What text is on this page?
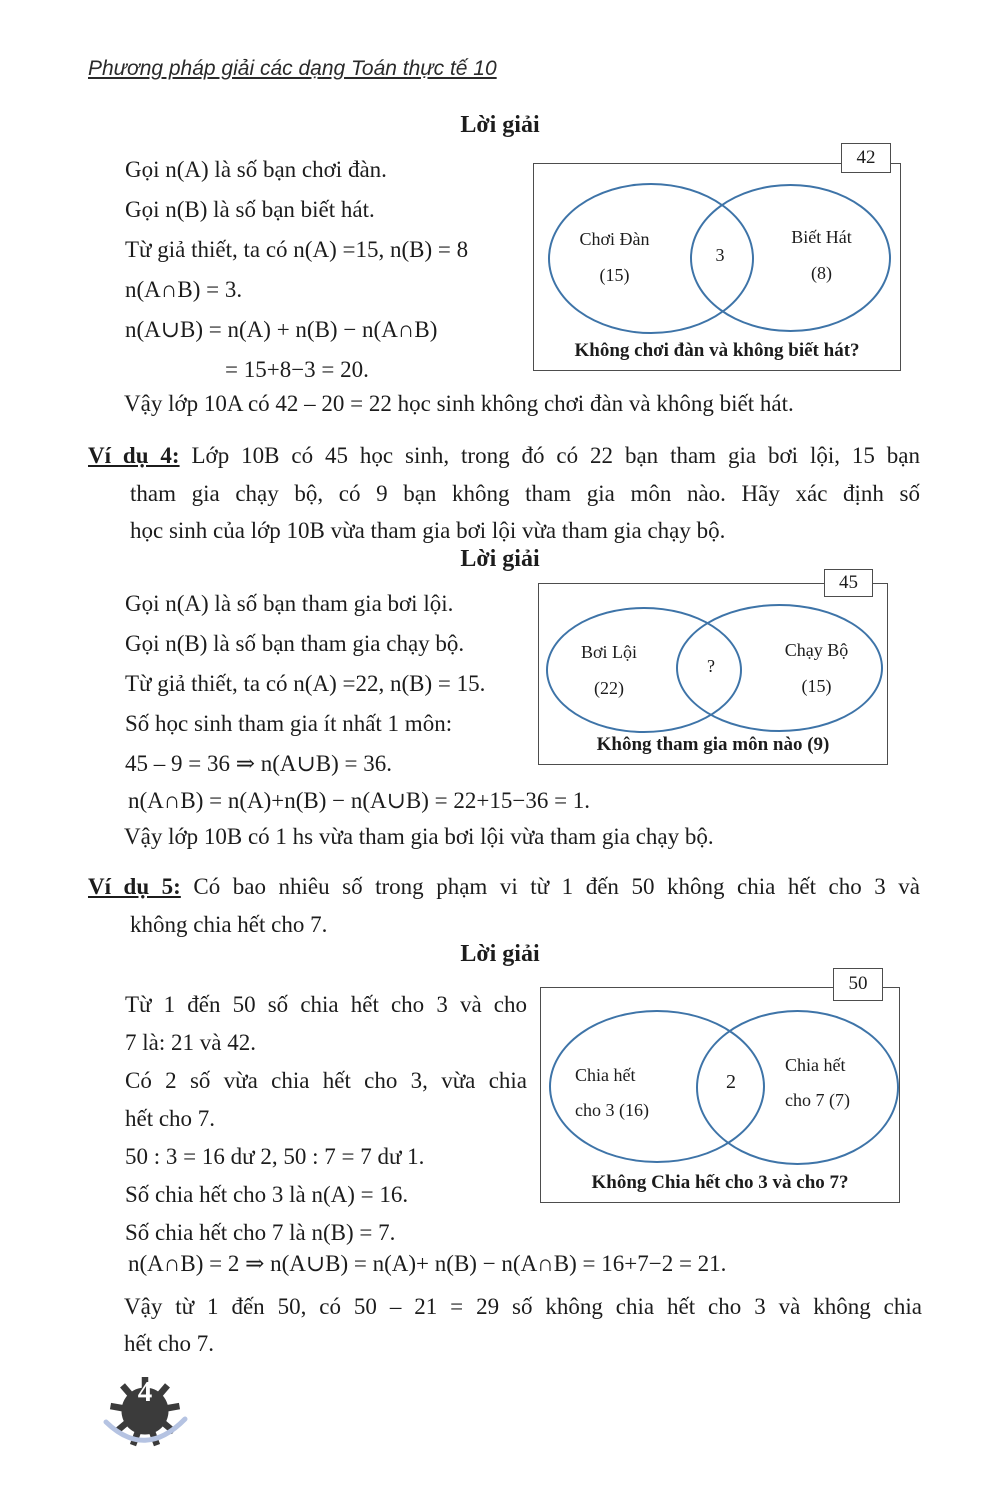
Phương pháp giải các dạng Toán thực tế 10
Lời giải
Gọi n(A) là số bạn chơi đàn.
Gọi n(B) là số bạn biết hát.
Từ giả thiết, ta có n(A) =15, n(B) = 8
n(A∩B) = 3.
n(A∪B) = n(A) + n(B) − n(A∩B)
= 15+8−3 = 20.
42
Chơi Đàn
(15)
3
Biết Hát
(8)
Không chơi đàn và không biết hát?
Vậy lớp 10A có 42 – 20 = 22 học sinh không chơi đàn và không biết hát.
Ví dụ 4: Lớp 10B có 45 học sinh, trong đó có 22 bạn tham gia bơi lội, 15 bạn
tham gia chạy bộ, có 9 bạn không tham gia môn nào. Hãy xác định số
học sinh của lớp 10B vừa tham gia bơi lội vừa tham gia chạy bộ.
Lời giải
Gọi n(A) là số bạn tham gia bơi lội.
Gọi n(B) là số bạn tham gia chạy bộ.
Từ giả thiết, ta có n(A) =22, n(B) = 15.
Số học sinh tham gia ít nhất 1 môn:
45 – 9 = 36 ⇒ n(A∪B) = 36.
45
Bơi Lội
(22)
?
Chạy Bộ
(15)
Không tham gia môn nào (9)
n(A∩B) = n(A)+n(B) − n(A∪B) = 22+15−36 = 1.
Vậy lớp 10B có 1 hs vừa tham gia bơi lội vừa tham gia chạy bộ.
Ví dụ 5: Có bao nhiêu số trong phạm vi từ 1 đến 50 không chia hết cho 3 và
không chia hết cho 7.
Lời giải
Từ 1 đến 50 số chia hết cho 3 và cho
7 là: 21 và 42.
Có 2 số vừa chia hết cho 3, vừa chia
hết cho 7.
50 : 3 = 16 dư 2, 50 : 7 = 7 dư 1.
Số chia hết cho 3 là n(A) = 16.
Số chia hết cho 7 là n(B) = 7.
50
Chia hết
cho 3 (16)
2
Chia hết
cho 7 (7)
Không Chia hết cho 3 và cho 7?
n(A∩B) = 2 ⇒ n(A∪B) = n(A)+ n(B) − n(A∩B) = 16+7−2 = 21.
Vậy từ 1 đến 50, có 50 – 21 = 29 số không chia hết cho 3 và không chia
hết cho 7.
4
